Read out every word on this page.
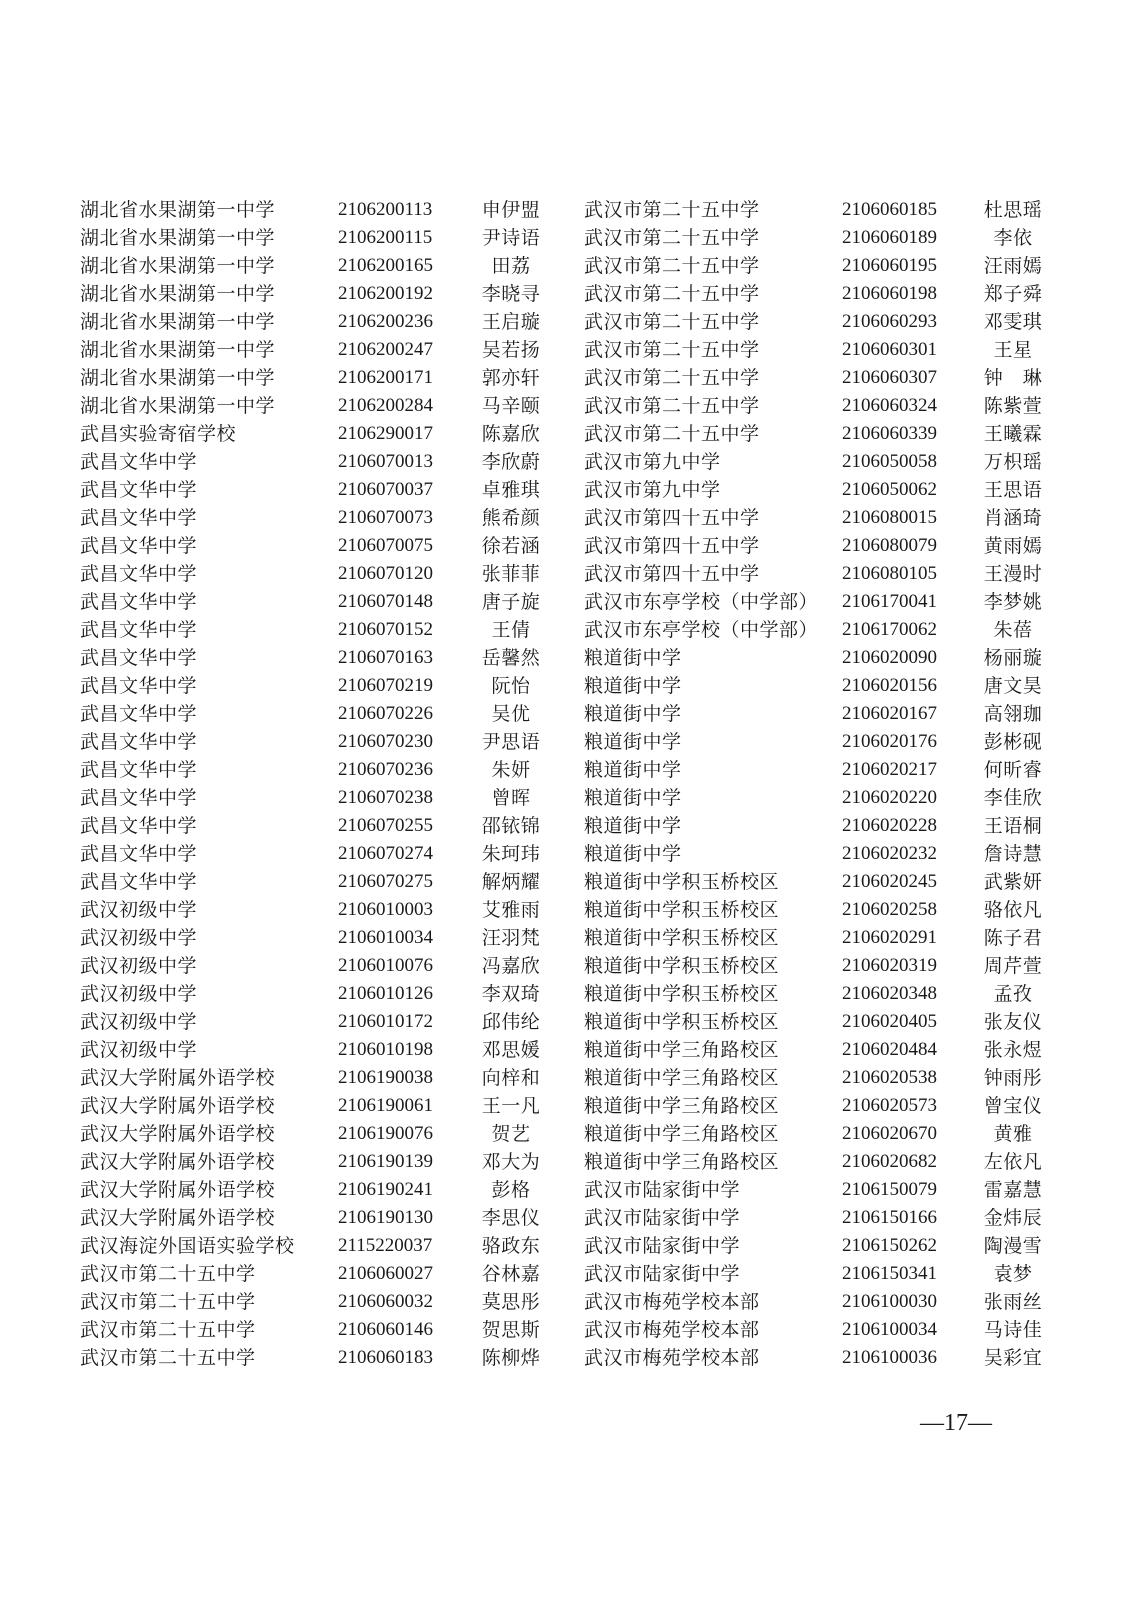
湖北省水果湖第一中学	2106200113	申伊盟	武汉市第二十五中学	2106060185	杜思瑶
湖北省水果湖第一中学	2106200115	尹诗语	武汉市第二十五中学	2106060189	李依
湖北省水果湖第一中学	2106200165	田荔	武汉市第二十五中学	2106060195	汪雨嫣
湖北省水果湖第一中学	2106200192	李晓寻	武汉市第二十五中学	2106060198	郑子舜
湖北省水果湖第一中学	2106200236	王启璇	武汉市第二十五中学	2106060293	邓雯琪
湖北省水果湖第一中学	2106200247	吴若扬	武汉市第二十五中学	2106060301	王星
湖北省水果湖第一中学	2106200171	郭亦轩	武汉市第二十五中学	2106060307	钟　琳
湖北省水果湖第一中学	2106200284	马辛颐	武汉市第二十五中学	2106060324	陈紫萱
武昌实验寄宿学校	2106290017	陈嘉欣	武汉市第二十五中学	2106060339	王曦霖
武昌文华中学	2106070013	李欣蔚	武汉市第九中学	2106050058	万枳瑶
武昌文华中学	2106070037	卓雅琪	武汉市第九中学	2106050062	王思语
武昌文华中学	2106070073	熊希颜	武汉市第四十五中学	2106080015	肖涵琦
武昌文华中学	2106070075	徐若涵	武汉市第四十五中学	2106080079	黄雨嫣
武昌文华中学	2106070120	张菲菲	武汉市第四十五中学	2106080105	王漫时
武昌文华中学	2106070148	唐子旋	武汉市东亭学校（中学部） 2106170041	李梦姚
武昌文华中学	2106070152	王倩	武汉市东亭学校（中学部） 2106170062	朱蓓
武昌文华中学	2106070163	岳馨然	粮道街中学	2106020090	杨丽璇
武昌文华中学	2106070219	阮怡	粮道街中学	2106020156	唐文昊
武昌文华中学	2106070226	吴优	粮道街中学	2106020167	高翎珈
武昌文华中学	2106070230	尹思语	粮道街中学	2106020176	彭彬砚
武昌文华中学	2106070236	朱妍	粮道街中学	2106020217	何昕睿
武昌文华中学	2106070238	曾晖	粮道街中学	2106020220	李佳欣
武昌文华中学	2106070255	邵铱锦	粮道街中学	2106020228	王语桐
武昌文华中学	2106070274	朱珂玮	粮道街中学	2106020232	詹诗慧
武昌文华中学	2106070275	解炳耀	粮道街中学积玉桥校区	2106020245	武紫妍
武汉初级中学	2106010003	艾雅雨	粮道街中学积玉桥校区	2106020258	骆依凡
武汉初级中学	2106010034	汪羽梵	粮道街中学积玉桥校区	2106020291	陈子君
武汉初级中学	2106010076	冯嘉欣	粮道街中学积玉桥校区	2106020319	周芹萱
武汉初级中学	2106010126	李双琦	粮道街中学积玉桥校区	2106020348	孟孜
武汉初级中学	2106010172	邱伟纶	粮道街中学积玉桥校区	2106020405	张友仪
武汉初级中学	2106010198	邓思媛	粮道街中学三角路校区	2106020484	张永煜
武汉大学附属外语学校	2106190038	向梓和	粮道街中学三角路校区	2106020538	钟雨彤
武汉大学附属外语学校	2106190061	王一凡	粮道街中学三角路校区	2106020573	曾宝仪
武汉大学附属外语学校	2106190076	贺艺	粮道街中学三角路校区	2106020670	黄雅
武汉大学附属外语学校	2106190139	邓大为	粮道街中学三角路校区	2106020682	左依凡
武汉大学附属外语学校	2106190241	彭格	武汉市陆家街中学	2106150079	雷嘉慧
武汉大学附属外语学校	2106190130	李思仪	武汉市陆家街中学	2106150166	金炜辰
武汉海淀外国语实验学校 2115220037	骆政东	武汉市陆家街中学	2106150262	陶漫雪
武汉市第二十五中学	2106060027	谷林嘉	武汉市陆家街中学	2106150341	袁梦
武汉市第二十五中学	2106060032	莫思彤	武汉市梅苑学校本部	2106100030	张雨丝
武汉市第二十五中学	2106060146	贺思斯	武汉市梅苑学校本部	2106100034	马诗佳
武汉市第二十五中学	2106060183	陈柳烨	武汉市梅苑学校本部	2106100036	吴彩宜
—17—
